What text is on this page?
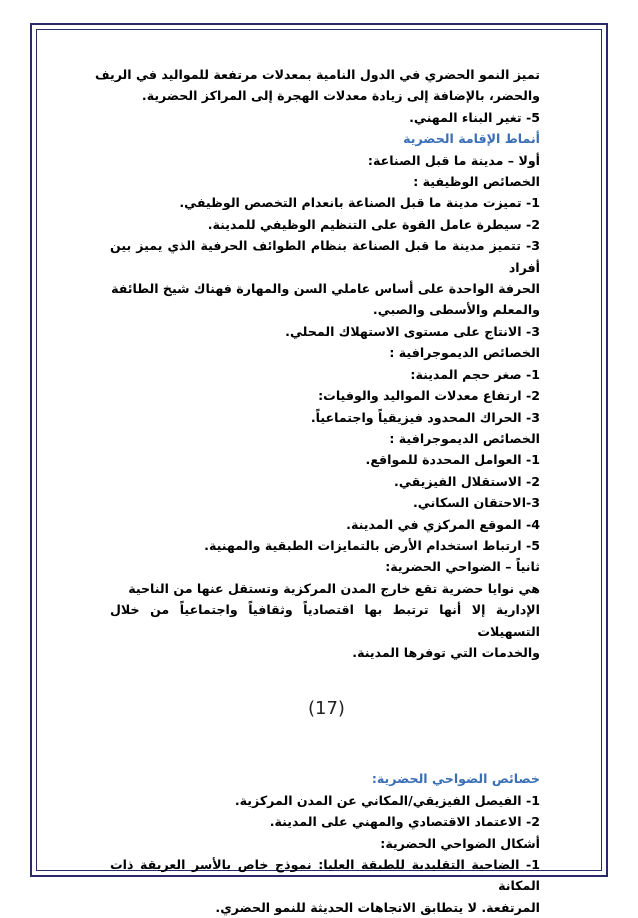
تميز النمو الحضري في الدول النامية بمعدلات مرتفعة للمواليد في الريف

والحضر، بالإضافة إلى زيادة معدلات الهجرة إلى المراكز الحضرية.

5- تغير البناء المهني.

أنماط الإقامة الحضرية

أولا – مدينة ما قبل الصناعة:

الخصائص الوظيفية :

1- تميزت مدينة ما قبل الصناعة بانعدام التخصص الوظيفي.

2- سيطرة عامل القوة على التنظيم الوظيفي للمدينة.

3- تتميز مدينة ما قبل الصناعة بنظام الطوائف الحرفية الذي يميز بين أفراد

الحرفة الواحدة على أساس عاملي السن والمهارة فهناك شيخ الطائفة

والمعلم والأسطى والصبي.

3- الانتاج على مستوى الاستهلاك المحلي.

الخصائص الديموجرافية :

1- صغر حجم المدينة:

2- ارتفاع معدلات المواليد والوفيات:

3- الحراك المحدود فيزيقياً واجتماعياً.

الخصائص الديموجرافية :

1- العوامل المحددة للمواقع.

2- الاستقلال الفيزيقي.

3-الاحتقان السكاني.

4- الموقع المركزي في المدينة.

5- ارتباط استخدام الأرض بالتمايزات الطبقية والمهنية.

ثانياً – الضواحي الحضرية:

هي نوايا حضرية تقع خارج المدن المركزية وتستقل عنها من الناحية

الإدارية إلا أنها ترتبط بها اقتصادياً وثقافياً واجتماعياً من خلال التسهيلات

والخدمات التي توفرها المدينة.

خصائص الضواحي الحضرية:

1- الفيصل الفيزيقي/المكاني عن المدن المركزية.

2- الاعتماد الاقتصادي والمهني على المدينة.

أشكال الضواحي الحضرية:

1- الضاحية التقليدية للطبقة العليا: نموذج خاص بالأسر العريقة ذات المكانة

المرتفعة. لا يتطابق الاتجاهات الحديثة للنمو الحضري.

(17)
